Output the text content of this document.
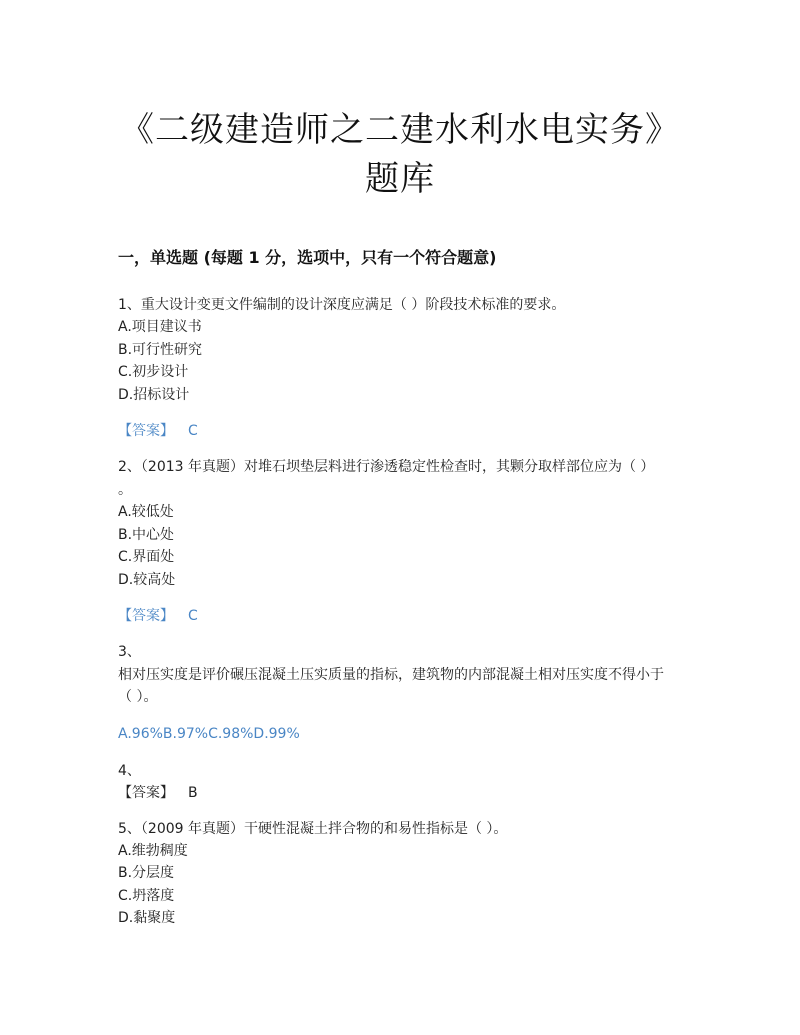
《二级建造师之二建水利水电实务》
题库
一，单选题 (每题 1 分，选项中，只有一个符合题意)
1、重大设计变更文件编制的设计深度应满足（ ）阶段技术标准的要求。
A.项目建议书
B.可行性研究
C.初步设计
D.招标设计
【答案】 C
2、（2013 年真题）对堆石坝垫层料进行渗透稳定性检查时，其颗分取样部位应为（ ）
。
A.较低处
B.中心处
C.界面处
D.较高处
【答案】 C
3、
相对压实度是评价碾压混凝土压实质量的指标，建筑物的内部混凝土相对压实度不得小于
（ ）。
A.96%B.97%C.98%D.99%
4、
【答案】 B
5、（2009 年真题）干硬性混凝土拌合物的和易性指标是（ ）。
A.维勃稠度
B.分层度
C.坍落度
D.黏聚度
